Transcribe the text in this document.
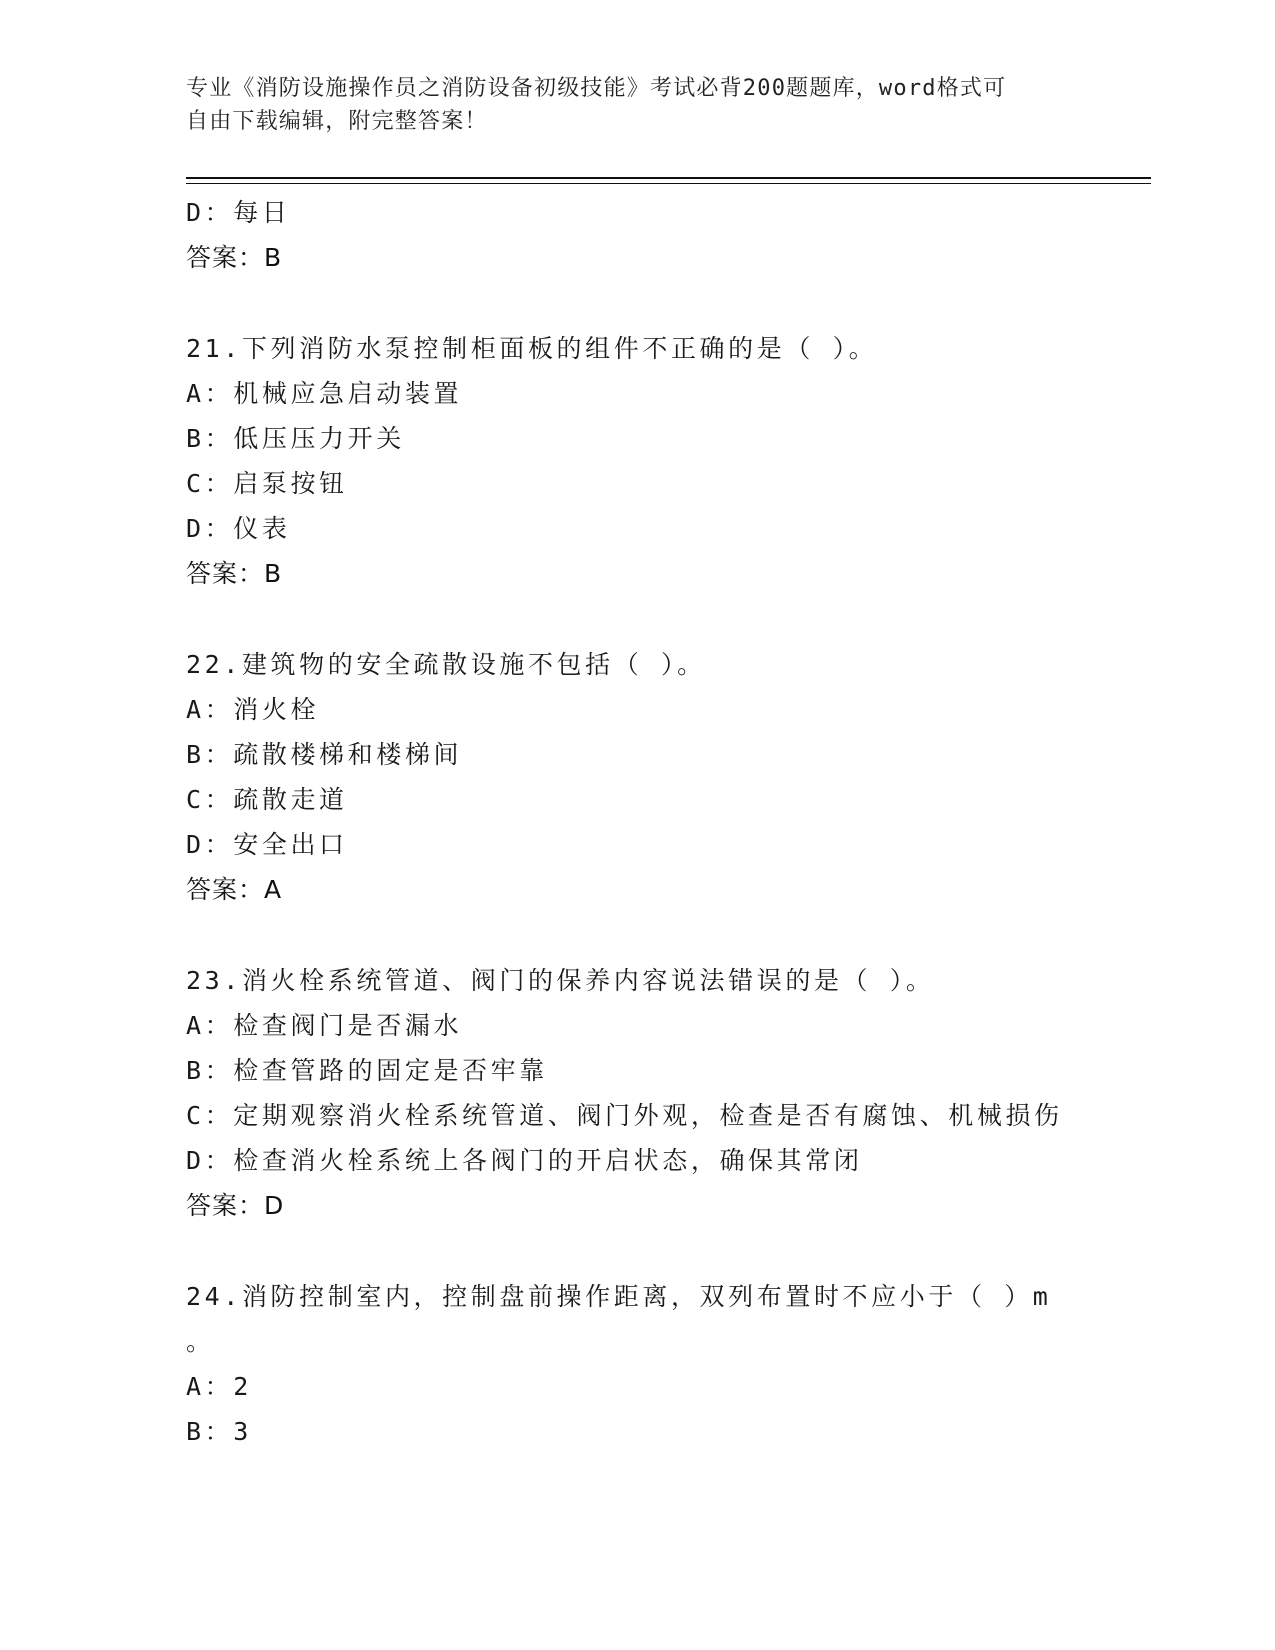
专业《消防设施操作员之消防设备初级技能》考试必背200题题库，word格式可
自由下载编辑，附完整答案！
D：每日
答案：B
21.下列消防水泵控制柜面板的组件不正确的是（ ）。
A：机械应急启动装置
B：低压压力开关
C：启泵按钮
D：仪表
答案：B
22.建筑物的安全疏散设施不包括（ ）。
A：消火栓
B：疏散楼梯和楼梯间
C：疏散走道
D：安全出口
答案：A
23.消火栓系统管道、阀门的保养内容说法错误的是（ ）。
A：检查阀门是否漏水
B：检查管路的固定是否牢靠
C：定期观察消火栓系统管道、阀门外观，检查是否有腐蚀、机械损伤
D：检查消火栓系统上各阀门的开启状态，确保其常闭
答案：D
24.消防控制室内，控制盘前操作距离，双列布置时不应小于（ ）m
。
A：2
B：3
